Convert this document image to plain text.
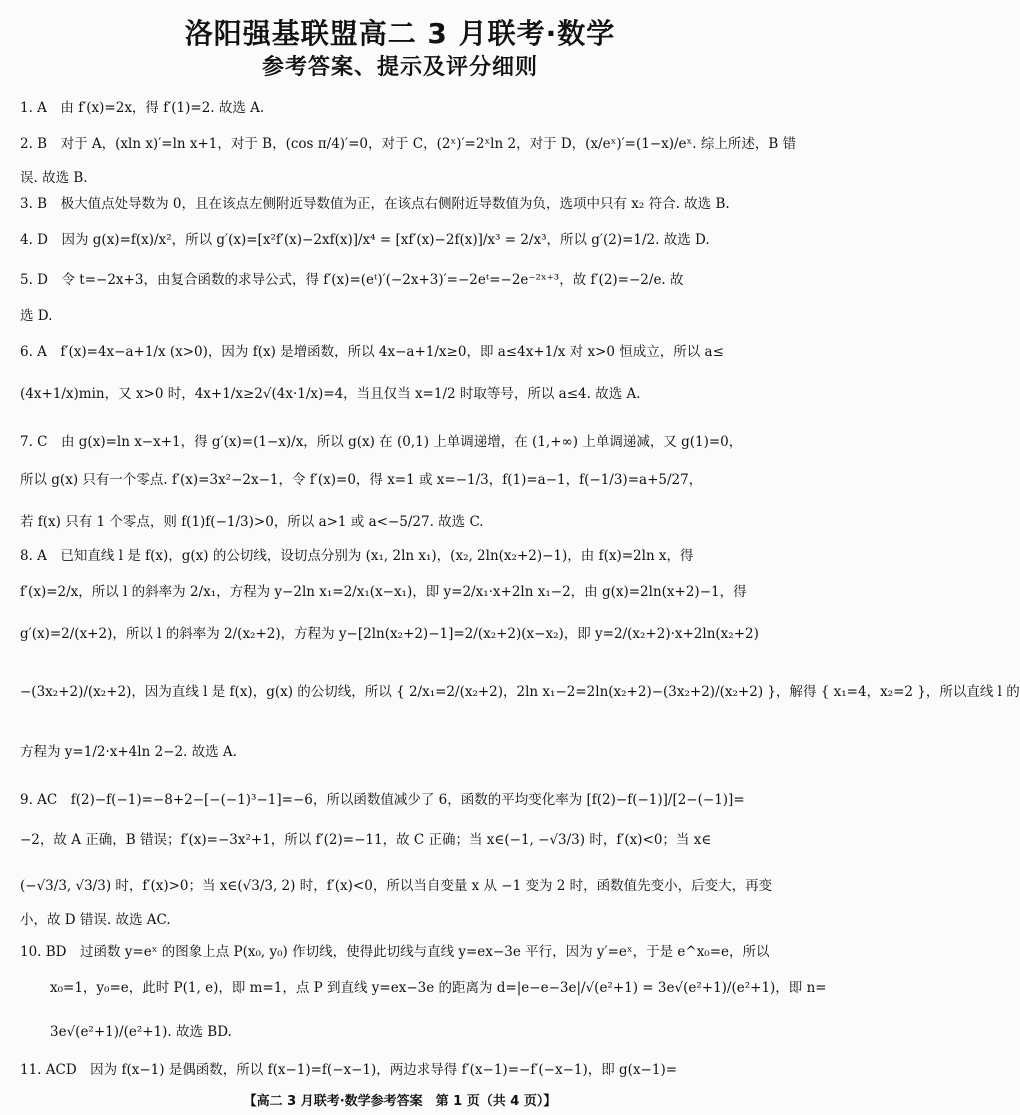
洛阳强基联盟高二 3 月联考·数学
参考答案、提示及评分细则
1. A　由 f′(x)=2x，得 f′(1)=2. 故选 A.
2. B　对于 A，(xln x)′=ln x+1，对于 B，(cos π/4)′=0，对于 C，(2ˣ)′=2ˣln 2，对于 D，(x/eˣ)′=(1−x)/eˣ. 综上所述，B 错
误. 故选 B.
3. B　极大值点处导数为 0，且在该点左侧附近导数值为正，在该点右侧附近导数值为负，选项中只有 x₂ 符合. 故选 B.
4. D　因为 g(x)=f(x)/x²，所以 g′(x)=[x²f′(x)−2xf(x)]/x⁴ = [xf′(x)−2f(x)]/x³ = 2/x³，所以 g′(2)=1/2. 故选 D.
5. D　令 t=−2x+3，由复合函数的求导公式，得 f′(x)=(eᵗ)′(−2x+3)′=−2eᵗ=−2e⁻²ˣ⁺³，故 f′(2)=−2/e. 故
选 D.
6. A　f′(x)=4x−a+1/x (x>0)，因为 f(x) 是增函数，所以 4x−a+1/x≥0，即 a≤4x+1/x 对 x>0 恒成立，所以 a≤
(4x+1/x)min，又 x>0 时，4x+1/x≥2√(4x·1/x)=4，当且仅当 x=1/2 时取等号，所以 a≤4. 故选 A.
7. C　由 g(x)=ln x−x+1，得 g′(x)=(1−x)/x，所以 g(x) 在 (0,1) 上单调递增，在 (1,+∞) 上单调递减，又 g(1)=0，
所以 g(x) 只有一个零点. f′(x)=3x²−2x−1，令 f′(x)=0，得 x=1 或 x=−1/3，f(1)=a−1，f(−1/3)=a+5/27，
若 f(x) 只有 1 个零点，则 f(1)f(−1/3)>0，所以 a>1 或 a<−5/27. 故选 C.
8. A　已知直线 l 是 f(x)，g(x) 的公切线，设切点分别为 (x₁, 2ln x₁)，(x₂, 2ln(x₂+2)−1)，由 f(x)=2ln x，得
f′(x)=2/x，所以 l 的斜率为 2/x₁，方程为 y−2ln x₁=2/x₁(x−x₁)，即 y=2/x₁·x+2ln x₁−2，由 g(x)=2ln(x+2)−1，得
g′(x)=2/(x+2)，所以 l 的斜率为 2/(x₂+2)，方程为 y−[2ln(x₂+2)−1]=2/(x₂+2)(x−x₂)，即 y=2/(x₂+2)·x+2ln(x₂+2)
−(3x₂+2)/(x₂+2)，因为直线 l 是 f(x)，g(x) 的公切线，所以 { 2/x₁=2/(x₂+2)，2ln x₁−2=2ln(x₂+2)−(3x₂+2)/(x₂+2) }，解得 { x₁=4，x₂=2 }，所以直线 l 的
方程为 y=1/2·x+4ln 2−2. 故选 A.
9. AC　f(2)−f(−1)=−8+2−[−(−1)³−1]=−6，所以函数值减少了 6，函数的平均变化率为 [f(2)−f(−1)]/[2−(−1)]=
−2，故 A 正确，B 错误；f′(x)=−3x²+1，所以 f′(2)=−11，故 C 正确；当 x∈(−1, −√3/3) 时，f′(x)<0；当 x∈
(−√3/3, √3/3) 时，f′(x)>0；当 x∈(√3/3, 2) 时，f′(x)<0，所以当自变量 x 从 −1 变为 2 时，函数值先变小，后变大，再变
小，故 D 错误. 故选 AC.
10. BD　过函数 y=eˣ 的图象上点 P(x₀, y₀) 作切线，使得此切线与直线 y=ex−3e 平行，因为 y′=eˣ，于是 e^x₀=e，所以
x₀=1，y₀=e，此时 P(1, e)，即 m=1，点 P 到直线 y=ex−3e 的距离为 d=|e−e−3e|/√(e²+1) = 3e√(e²+1)/(e²+1)，即 n=
3e√(e²+1)/(e²+1). 故选 BD.
11. ACD　因为 f(x−1) 是偶函数，所以 f(x−1)=f(−x−1)，两边求导得 f′(x−1)=−f′(−x−1)，即 g(x−1)=
【高二 3 月联考·数学参考答案　第 1 页（共 4 页）】
